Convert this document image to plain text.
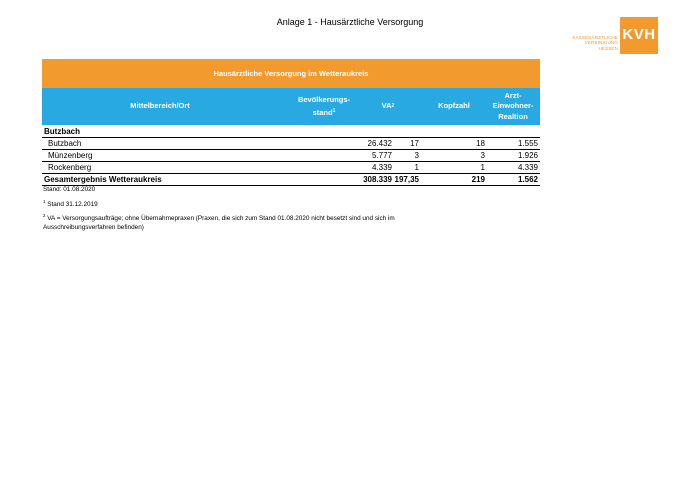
Anlage 1 - Hausärztliche Versorgung
KASSENÄRZTLICHE
VEREINIGUNG
HESSEN
KVH
Hausärztliche Versorgung im Wetteraukreis
Mittelbereich/Ort
Bevölkerungs-
stand$^1$
VA 2	Kopfzahl
Arzt-
Einwohner-
Realtion
Butzbach
Butzbach	26.432 17	18	1.555
Münzenberg	5.777	3	3	1.926
Rockenberg	4.339	1	1	4.339
Gesamtergebnis Wetteraukreis	308.339 197,35	219	1.562
Stand: 01.08.2020
$^1$ Stand 31.12.2019
$^2$ VA = Versorgungsaufträge; ohne Übernahmepraxen (Praxen, die sich zum Stand 01.08.2020 nicht besetzt sind und sich im Ausschreibungsverfahren befinden)
